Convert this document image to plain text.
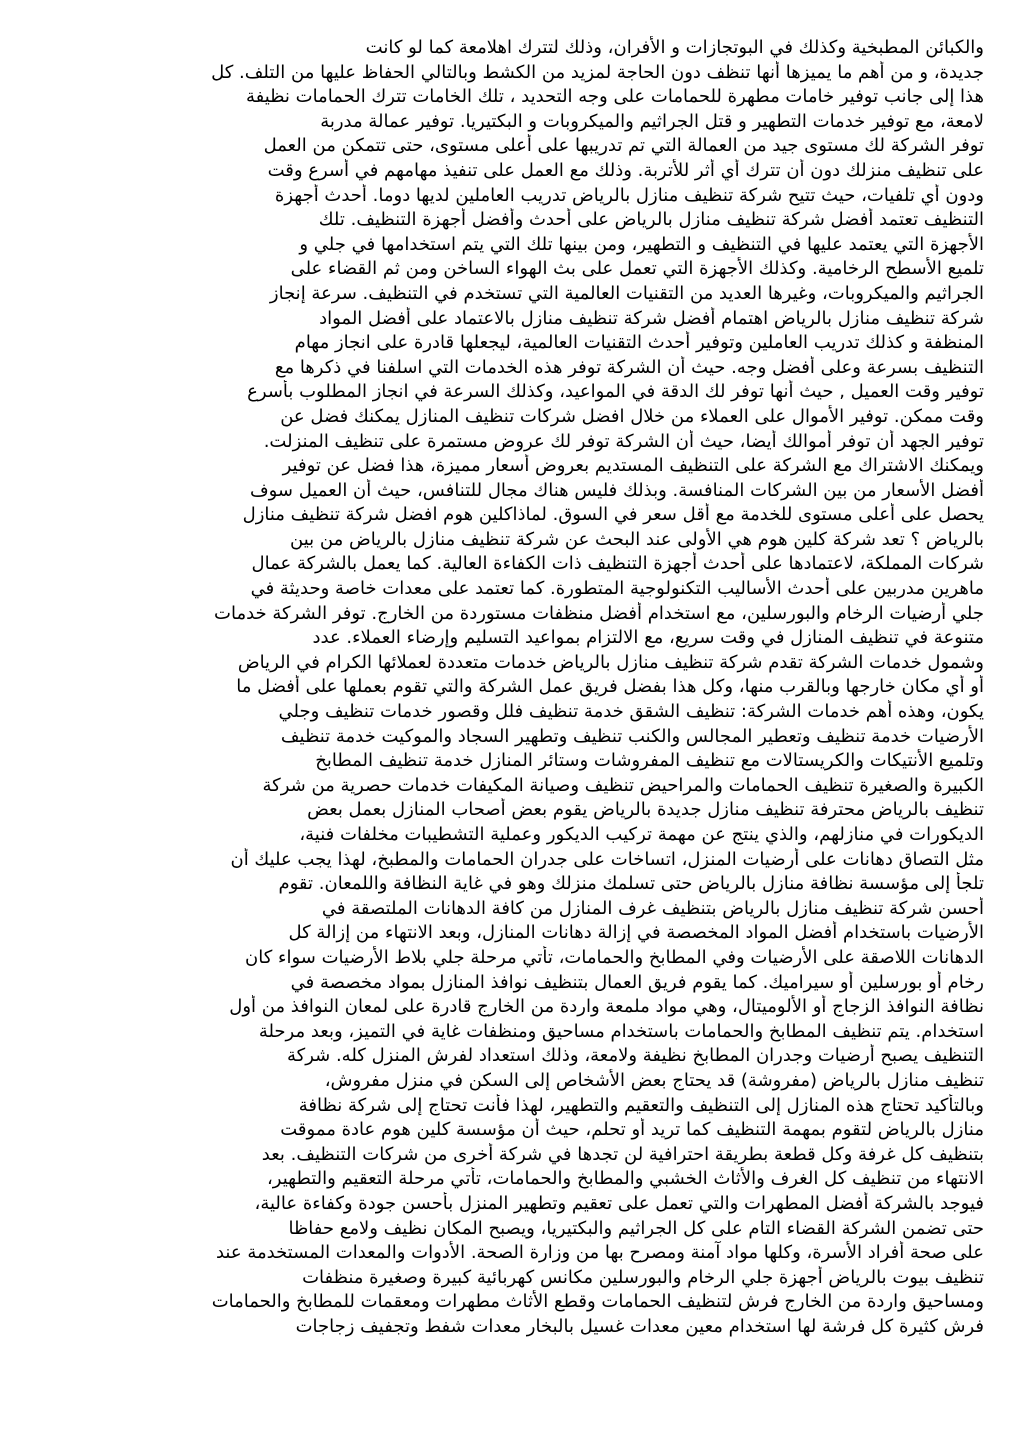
والكبائن المطبخية وكذلك في البوتجازات و الأفران، وذلك لتترك اهلامعة كما لو كانت
جديدة، و من أهم ما يميزها أنها تنظف دون الحاجة لمزيد من الكشط وبالتالي الحفاظ عليها من التلف. كل
هذا إلى جانب توفير خامات مطهرة للحمامات على وجه التحديد ، تلك الخامات تترك الحمامات نظيفة
لامعة، مع توفير خدمات التطهير و قتل الجراثيم والميكروبات و البكتيريا. توفير عمالة مدربة
توفر الشركة لك مستوى جيد من العمالة التي تم تدريبها على أعلى مستوى، حتى تتمكن من العمل
على تنظيف منزلك دون أن تترك أي أثر للأتربة. وذلك مع العمل على تنفيذ مهامهم في أسرع وقت
ودون أي تلفيات، حيث تتيح شركة تنظيف منازل بالرياض تدريب العاملين لديها دوما. أحدث أجهزة
التنظيف تعتمد أفضل شركة تنظيف منازل بالرياض على أحدث وأفضل أجهزة التنظيف. تلك
الأجهزة التي يعتمد عليها في التنظيف و التطهير، ومن بينها تلك التي يتم استخدامها في جلي و
تلميع الأسطح الرخامية. وكذلك الأجهزة التي تعمل على بث الهواء الساخن ومن ثم القضاء على
الجراثيم والميكروبات، وغيرها العديد من التقنيات العالمية التي تستخدم في التنظيف. سرعة إنجاز
شركة تنظيف منازل بالرياض اهتمام أفضل شركة تنظيف منازل بالاعتماد على أفضل المواد
المنظفة و كذلك تدريب العاملين وتوفير أحدث التقنيات العالمية، ليجعلها قادرة على انجاز مهام
التنظيف بسرعة وعلى أفضل وجه. حيث أن الشركة توفر هذه الخدمات التي اسلفنا في ذكرها مع
توفير وقت العميل , حيث أنها توفر لك الدقة في المواعيد، وكذلك السرعة في انجاز المطلوب بأسرع
وقت ممكن. توفير الأموال على العملاء من خلال افضل شركات تنظيف المنازل يمكنك فضل عن
توفير الجهد أن توفر أموالك أيضا، حيث أن الشركة توفر لك عروض مستمرة على تنظيف المنزلت.
ويمكنك الاشتراك مع الشركة على التنظيف المستديم بعروض أسعار مميزة، هذا فضل عن توفير
أفضل الأسعار من بين الشركات المنافسة. وبذلك فليس هناك مجال للتنافس، حيث أن العميل سوف
يحصل على أعلى مستوى للخدمة مع أقل سعر في السوق. لماذاكلين هوم افضل شركة تنظيف منازل
بالرياض ؟ تعد شركة كلين هوم هي الأولى عند البحث عن شركة تنظيف منازل بالرياض من بين
شركات المملكة، لاعتمادها على أحدث أجهزة التنظيف ذات الكفاءة العالية. كما يعمل بالشركة عمال
ماهرين مدربين على أحدث الأساليب التكنولوجية المتطورة. كما تعتمد على معدات خاصة وحديثة في
جلي أرضيات الرخام والبورسلين، مع استخدام أفضل منظفات مستوردة من الخارج. توفر الشركة خدمات
متنوعة في تنظيف المنازل في وقت سريع، مع الالتزام بمواعيد التسليم وإرضاء العملاء. عدد
وشمول خدمات الشركة تقدم شركة تنظيف منازل بالرياض خدمات متعددة لعملائها الكرام في الرياض
أو أي مكان خارجها وبالقرب منها، وكل هذا بفضل فريق عمل الشركة والتي تقوم بعملها على أفضل ما
يكون، وهذه أهم خدمات الشركة: تنظيف الشقق خدمة تنظيف فلل وقصور خدمات تنظيف وجلي
الأرضيات خدمة تنظيف وتعطير المجالس والكنب تنظيف وتطهير السجاد والموكيت خدمة تنظيف
وتلميع الأنتيكات والكريستالات مع تنظيف المفروشات وستائر المنازل خدمة تنظيف المطابخ
الكبيرة والصغيرة تنظيف الحمامات والمراحيض تنظيف وصيانة المكيفات خدمات حصرية من شركة
تنظيف بالرياض محترفة تنظيف منازل جديدة بالرياض يقوم بعض أصحاب المنازل بعمل بعض
الديكورات في منازلهم، والذي ينتج عن مهمة تركيب الديكور وعملية التشطيبات مخلفات فنية،
مثل التصاق دهانات على أرضيات المنزل، اتساخات على جدران الحمامات والمطبخ، لهذا يجب عليك أن
تلجأ إلى مؤسسة نظافة منازل بالرياض حتى تسلمك منزلك وهو في غاية النظافة واللمعان. تقوم
أحسن شركة تنظيف منازل بالرياض بتنظيف غرف المنازل من كافة الدهانات الملتصقة في
الأرضيات باستخدام أفضل المواد المخصصة في إزالة دهانات المنازل، وبعد الانتهاء من إزالة كل
الدهانات اللاصقة على الأرضيات وفي المطابخ والحمامات، تأتي مرحلة جلي بلاط الأرضيات سواء كان
رخام أو بورسلين أو سيراميك. كما يقوم فريق العمال بتنظيف نوافذ المنازل بمواد مخصصة في
نظافة النوافذ الزجاج أو الألوميتال، وهي مواد ملمعة واردة من الخارج قادرة على لمعان النوافذ من أول
استخدام. يتم تنظيف المطابخ والحمامات باستخدام مساحيق ومنظفات غاية في التميز، وبعد مرحلة
التنظيف يصبح أرضيات وجدران المطابخ نظيفة ولامعة، وذلك استعداد لفرش المنزل كله. شركة
تنظيف منازل بالرياض (مفروشة) قد يحتاج بعض الأشخاص إلى السكن في منزل مفروش،
وبالتأكيد تحتاج هذه المنازل إلى التنظيف والتعقيم والتطهير، لهذا فأنت تحتاج إلى شركة نظافة
منازل بالرياض لتقوم بمهمة التنظيف كما تريد أو تحلم، حيث أن مؤسسة كلين هوم عادة مموقت
بتنظيف كل غرفة وكل قطعة بطريقة احترافية لن تجدها في شركة أخرى من شركات التنظيف. بعد
الانتهاء من تنظيف كل الغرف والأثاث الخشبي والمطابخ والحمامات، تأتي مرحلة التعقيم والتطهير،
فيوجد بالشركة أفضل المطهرات والتي تعمل على تعقيم وتطهير المنزل بأحسن جودة وكفاءة عالية،
حتى تضمن الشركة القضاء التام على كل الجراثيم والبكتيريا، ويصبح المكان نظيف ولامع حفاظا
على صحة أفراد الأسرة، وكلها مواد آمنة ومصرح بها من وزارة الصحة. الأدوات والمعدات المستخدمة عند
تنظيف بيوت بالرياض أجهزة جلي الرخام والبورسلين مكانس كهربائية كبيرة وصغيرة منظفات
ومساحيق واردة من الخارج فرش لتنظيف الحمامات وقطع الأثاث مطهرات ومعقمات للمطابخ والحمامات
فرش كثيرة كل فرشة لها استخدام معين معدات غسيل بالبخار معدات شفط وتجفيف زجاجات
